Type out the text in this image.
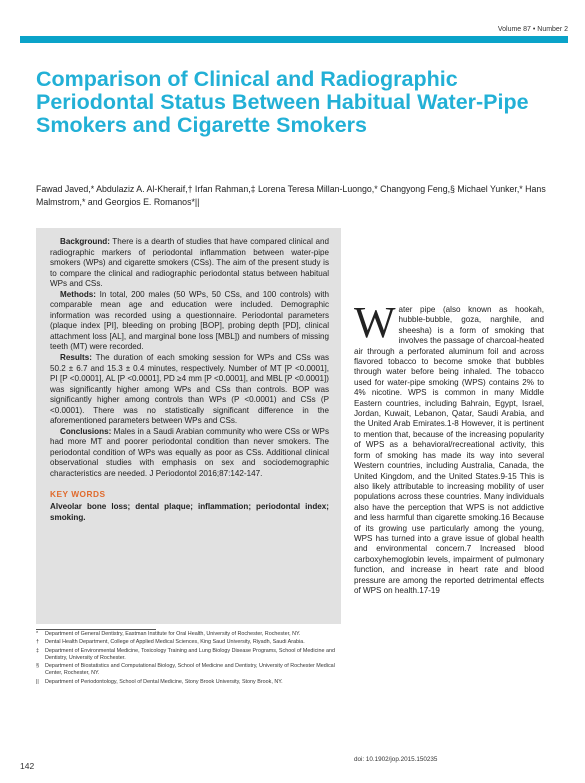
Volume 87 • Number 2
Comparison of Clinical and Radiographic Periodontal Status Between Habitual Water-Pipe Smokers and Cigarette Smokers
Fawad Javed,* Abdulaziz A. Al-Kheraif,† Irfan Rahman,‡ Lorena Teresa Millan-Luongo,* Changyong Feng,§ Michael Yunker,* Hans Malmstrom,* and Georgios E. Romanos*||

Background: There is a dearth of studies that have compared clinical and radiographic markers of periodontal inflammation between water-pipe smokers (WPs) and cigarette smokers (CSs). The aim of the present study is to compare the clinical and radiographic periodontal status between habitual WPs and CSs.

Methods: In total, 200 males (50 WPs, 50 CSs, and 100 controls) with comparable mean age and education were included. Demographic information was recorded using a questionnaire. Periodontal parameters (plaque index [PI], bleeding on probing [BOP], probing depth [PD], clinical attachment loss [AL], and marginal bone loss [MBL]) and numbers of missing teeth (MT) were recorded.

Results: The duration of each smoking session for WPs and CSs was 50.2 ± 6.7 and 15.3 ± 0.4 minutes, respectively. Number of MT [P <0.0001], PI [P <0.0001], AL [P <0.0001], PD ≥4 mm [P <0.0001], and MBL [P <0.0001]) was significantly higher among WPs and CSs than controls. BOP was significantly higher among controls than WPs (P <0.0001) and CSs (P <0.0001). There was no statistically significant difference in the aforementioned parameters between WPs and CSs.

Conclusions: Males in a Saudi Arabian community who were CSs or WPs had more MT and poorer periodontal condition than never smokers. The periodontal condition of WPs was equally as poor as CSs. Additional clinical observational studies with emphasis on sex and sociodemographic characteristics are needed. J Periodontol 2016;87:142-147.

KEY WORDS
Alveolar bone loss; dental plaque; inflammation; periodontal index; smoking.

Water pipe (also known as hookah, hubble-bubble, goza, narghile, and sheesha) is a form of smoking that involves the passage of charcoal-heated air through a perforated aluminum foil and across flavored tobacco to become smoke that bubbles through water before being inhaled. The tobacco used for water-pipe smoking (WPS) contains 2% to 4% nicotine. WPS is common in many Middle Eastern countries, including Bahrain, Egypt, Israel, Jordan, Kuwait, Lebanon, Qatar, Saudi Arabia, and the United Arab Emirates.1-8 However, it is pertinent to mention that, because of the increasing popularity of WPS as a behavioral/recreational activity, this form of smoking has made its way into several Western countries, including Australia, Canada, the United Kingdom, and the United States.9-15 This is also likely attributable to increasing mobility of user populations across these countries. Many individuals also have the perception that WPS is not addictive and less harmful than cigarette smoking.16 Because of its growing use particularly among the young, WPS has turned into a grave issue of global health and environmental concern.7 Increased blood carboxyhemoglobin levels, impairment of pulmonary function, and increase in heart rate and blood pressure are among the reported detrimental effects of WPS on health.17-19

*	Department of General Dentistry, Eastman Institute for Oral Health, University of Rochester, Rochester, NY.
†	Dental Health Department, College of Applied Medical Sciences, King Saud University, Riyadh, Saudi Arabia.
‡	Department of Environmental Medicine, Toxicology Training and Lung Biology Disease Programs, School of Medicine and Dentistry, University of Rochester.
§	Department of Biostatistics and Computational Biology, School of Medicine and Dentistry, University of Rochester Medical Center, Rochester, NY.
||	Department of Periodontology, School of Dental Medicine, Stony Brook University, Stony Brook, NY.
doi: 10.1902/jop.2015.150235
142
